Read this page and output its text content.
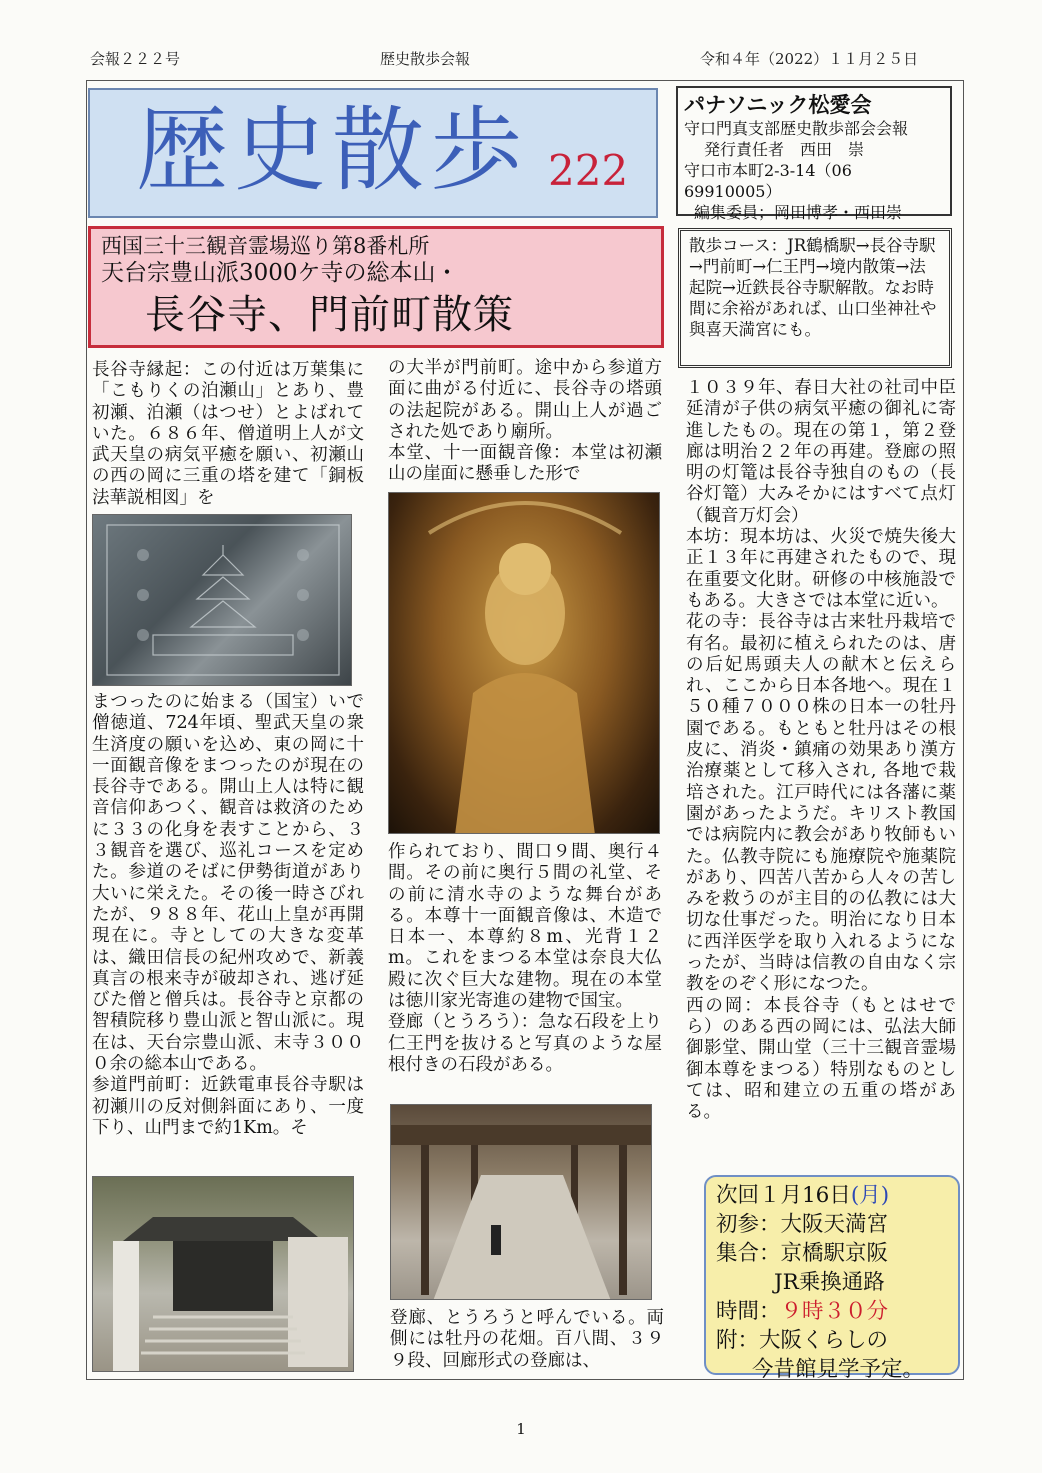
会報２２２号	歴史散歩会報	令和４年（2022）１１月２５日
歴史散歩 222
パナソニック松愛会
守口門真支部歴史散歩部会会報
発行責任者　西田　崇
守口市本町2-3-14（06 69910005）
編集委員；岡田博孝・西田崇
西国三十三観音霊場巡り第8番札所
天台宗豊山派3000ケ寺の総本山・
長谷寺、門前町散策
散歩コース：JR鶴橋駅→長谷寺駅→門前町→仁王門→境内散策→法起院→近鉄長谷寺駅解散。なお時間に余裕があれば、山口坐神社や與喜天満宮にも。

長谷寺縁起：この付近は万葉集に「こもりくの泊瀬山」とあり、豊初瀬、泊瀬（はつせ）とよばれていた。６８６年、僧道明上人が文武天皇の病気平癒を願い、初瀬山の西の岡に三重の塔を建て「銅板法華説相図」を

まつったのに始まる（国宝）いで僧徳道、724年頃、聖武天皇の衆生済度の願いを込め、東の岡に十一面観音像をまつったのが現在の長谷寺である。開山上人は特に観音信仰あつく、観音は救済のために３３の化身を表すことから、３３観音を選び、巡礼コースを定めた。参道のそばに伊勢街道があり大いに栄えた。その後一時さびれたが、９８８年、花山上皇が再開現在に。寺としての大きな変革は、織田信長の紀州攻めで、新義真言の根来寺が破却され、逃げ延びた僧と僧兵は。長谷寺と京都の智積院移り豊山派と智山派に。現在は、天台宗豊山派、末寺３０００余の総本山である。

参道門前町：近鉄電車長谷寺駅は初瀬川の反対側斜面にあり、一度下り、山門まで約1Km。そ

の大半が門前町。途中から参道方面に曲がる付近に、長谷寺の塔頭の法起院がある。開山上人が過ごされた処であり廟所。

本堂、十一面観音像：本堂は初瀬山の崖面に懸垂した形で

作られており、間口９間、奥行４間。その前に奥行５間の礼堂、その前に清水寺のような舞台がある。本尊十一面観音像は、木造で日本一、本尊約８m、光背１２m。これをまつる本堂は奈良大仏殿に次ぐ巨大な建物。現在の本堂は徳川家光寄進の建物で国宝。

登廊（とうろう）：急な石段を上り仁王門を抜けると写真のような屋根付きの石段がある。

登廊、とうろうと呼んでいる。両側には牡丹の花畑。百八間、３９９段、回廊形式の登廊は、

１０３９年、春日大社の社司中臣延清が子供の病気平癒の御礼に寄進したもの。現在の第１，第２登廊は明治２２年の再建。登廊の照明の灯篭は長谷寺独自のもの（長谷灯篭）大みそかにはすべて点灯（観音万灯会）

本坊：現本坊は、火災で焼失後大正１３年に再建されたもので、現在重要文化財。研修の中核施設でもある。大きさでは本堂に近い。

花の寺：長谷寺は古来牡丹栽培で有名。最初に植えられたのは、唐の后妃馬頭夫人の献木と伝えられ、ここから日本各地へ。現在１５０種７０００株の日本一の牡丹園である。もともと牡丹はその根皮に、消炎・鎮痛の効果あり漢方治療薬として移入され, 各地で栽培された。江戸時代には各藩に薬園があったようだ。キリスト教国では病院内に教会があり牧師もいた。仏教寺院にも施療院や施薬院があり、四苦八苦から人々の苦しみを救うのが主目的の仏教には大切な仕事だった。明治になり日本に西洋医学を取り入れるようになったが、当時は信教の自由なく宗教をのぞく形になつた。

西の岡：本長谷寺（もとはせでら）のある西の岡には、弘法大師御影堂、開山堂（三十三観音霊場御本尊をまつる）特別なものとしては、昭和建立の五重の塔がある。

次回１月16日(月)
初参：大阪天満宮
集合：京橋駅京阪
JR乗換通路
時間：９時３０分
附：大阪くらしの
今昔館見学予定。
1
